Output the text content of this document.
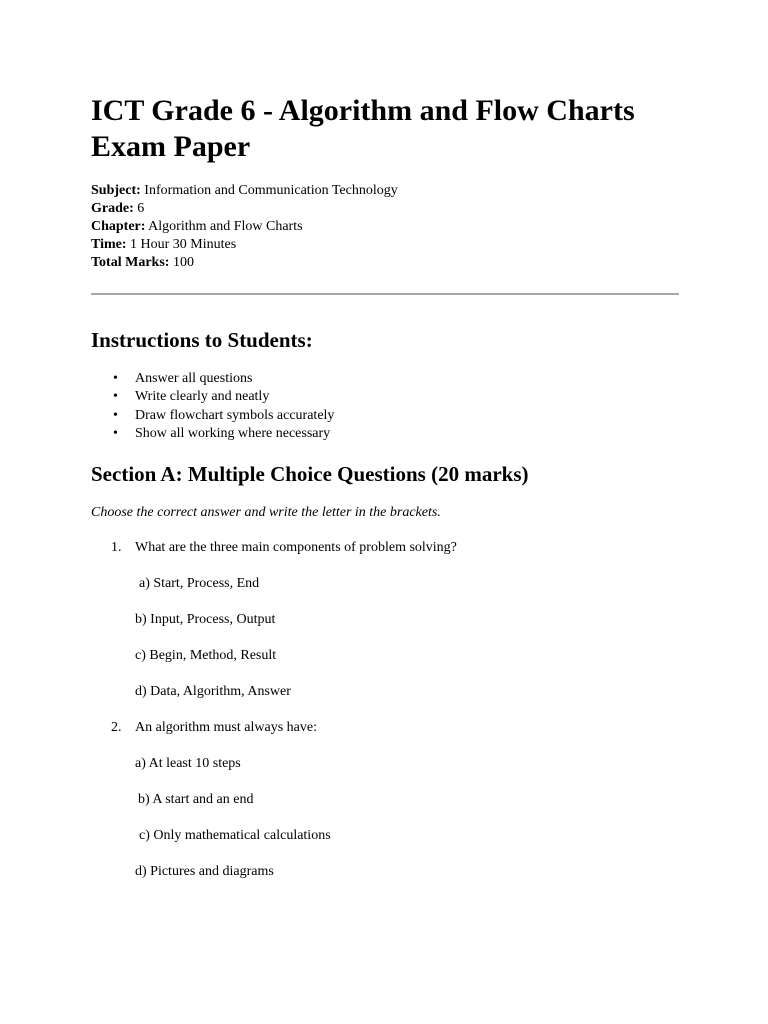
ICT Grade 6 - Algorithm and Flow Charts Exam Paper
Subject: Information and Communication Technology
Grade: 6
Chapter: Algorithm and Flow Charts
Time: 1 Hour 30 Minutes
Total Marks: 100
Instructions to Students:
• Answer all questions
• Write clearly and neatly
• Draw flowchart symbols accurately
• Show all working where necessary
Section A: Multiple Choice Questions (20 marks)
Choose the correct answer and write the letter in the brackets.
1. What are the three main components of problem solving?
a) Start, Process, End
b) Input, Process, Output
c) Begin, Method, Result
d) Data, Algorithm, Answer
2. An algorithm must always have:
a) At least 10 steps
b) A start and an end
c) Only mathematical calculations
d) Pictures and diagrams
